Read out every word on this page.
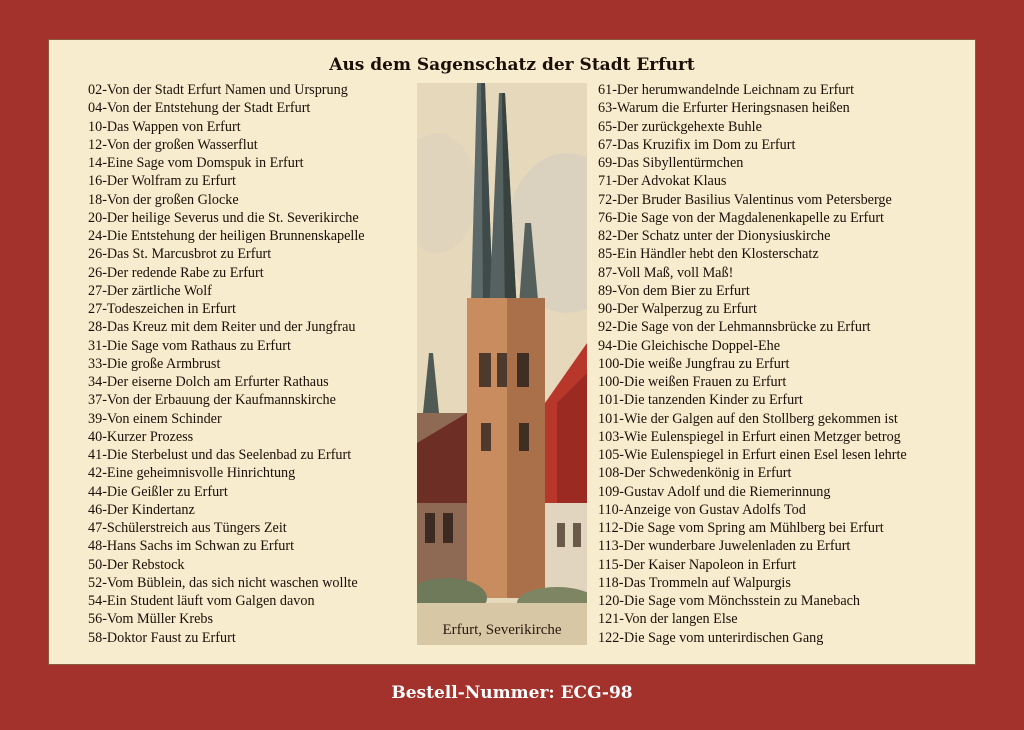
Aus dem Sagenschatz der Stadt Erfurt
02-Von der Stadt Erfurt Namen und Ursprung
04-Von der Entstehung der Stadt Erfurt
10-Das Wappen von Erfurt
12-Von der großen Wasserflut
14-Eine Sage vom Domspuk in Erfurt
16-Der Wolfram zu Erfurt
18-Von der großen Glocke
20-Der heilige Severus und die St. Severikirche
24-Die Entstehung der heiligen Brunnenskapelle
26-Das St. Marcusbrot zu Erfurt
26-Der redende Rabe zu Erfurt
27-Der zärtliche Wolf
27-Todeszeichen in Erfurt
28-Das Kreuz mit dem Reiter und der Jungfrau
31-Die Sage vom Rathaus zu Erfurt
33-Die große Armbrust
34-Der eiserne Dolch am Erfurter Rathaus
37-Von der Erbauung der Kaufmannskirche
39-Von einem Schinder
40-Kurzer Prozess
41-Die Sterbelust und das Seelenbad zu Erfurt
42-Eine geheimnisvolle Hinrichtung
44-Die Geißler zu Erfurt
46-Der Kindertanz
47-Schülerstreich aus Tüngers Zeit
48-Hans Sachs im Schwan zu Erfurt
50-Der Rebstock
52-Vom Büblein, das sich nicht waschen wollte
54-Ein Student läuft vom Galgen davon
56-Vom Müller Krebs
58-Doktor Faust zu Erfurt	Erfurt, Severikirche
61-Der herumwandelnde Leichnam zu Erfurt
63-Warum die Erfurter Heringsnasen heißen
65-Der zurückgehexte Buhle
67-Das Kruzifix im Dom zu Erfurt
69-Das Sibyllentürmchen
71-Der Advokat Klaus
72-Der Bruder Basilius Valentinus vom Petersberge
76-Die Sage von der Magdalenenkapelle zu Erfurt
82-Der Schatz unter der Dionysiuskirche
85-Ein Händler hebt den Klosterschatz
87-Voll Maß, voll Maß!
89-Von dem Bier zu Erfurt
90-Der Walperzug zu Erfurt
92-Die Sage von der Lehmannsbrücke zu Erfurt
94-Die Gleichische Doppel-Ehe
100-Die weiße Jungfrau zu Erfurt
100-Die weißen Frauen zu Erfurt
101-Die tanzenden Kinder zu Erfurt
101-Wie der Galgen auf den Stollberg gekommen ist
103-Wie Eulenspiegel in Erfurt einen Metzger betrog
105-Wie Eulenspiegel in Erfurt einen Esel lesen lehrte
108-Der Schwedenkönig in Erfurt
109-Gustav Adolf und die Riemerinnung
110-Anzeige von Gustav Adolfs Tod
112-Die Sage vom Spring am Mühlberg bei Erfurt
113-Der wunderbare Juwelenladen zu Erfurt
115-Der Kaiser Napoleon in Erfurt
118-Das Trommeln auf Walpurgis
120-Die Sage vom Mönchsstein zu Manebach
121-Von der langen Else
122-Die Sage vom unterirdischen Gang
Bestell-Nummer: ECG-98
